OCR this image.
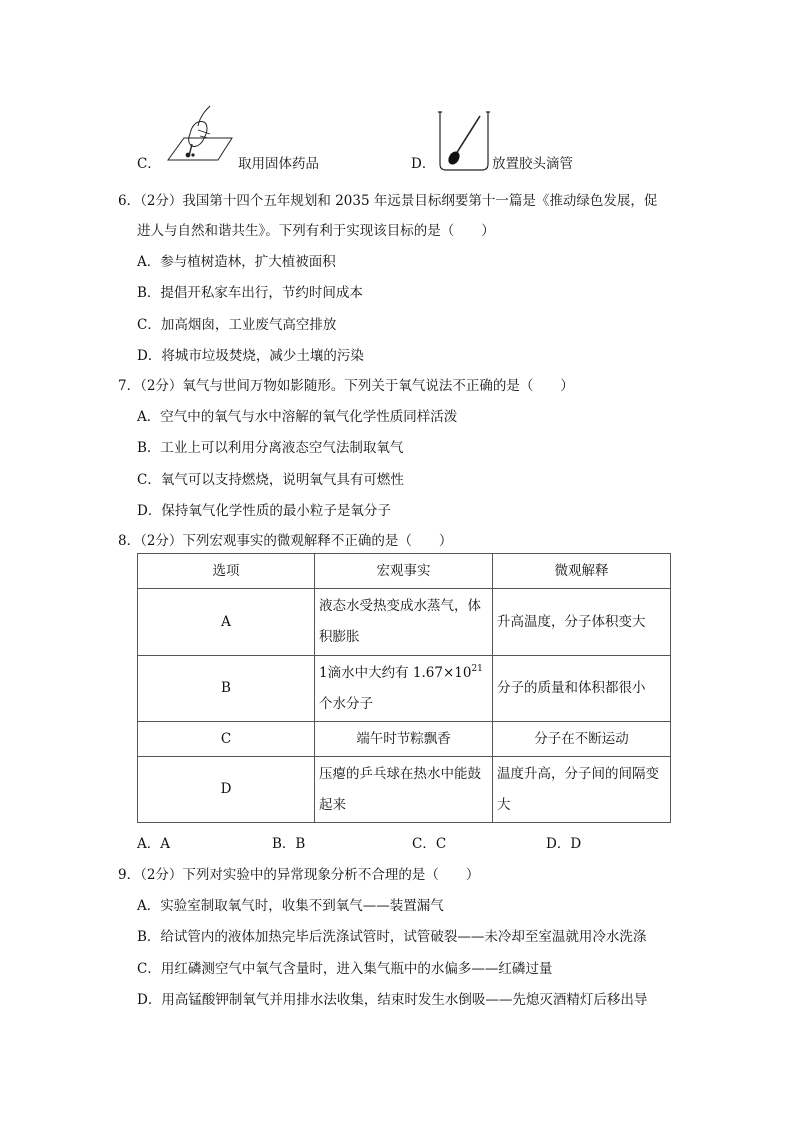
C．	取用固体药品	D．	放置胶头滴管
6．（2分）我国第十四个五年规划和 2035 年远景目标纲要第十一篇是《推动绿色发展，促
进人与自然和谐共生》。下列有利于实现该目标的是（　　）
A．参与植树造林，扩大植被面积
B．提倡开私家车出行，节约时间成本
C．加高烟囱，工业废气高空排放
D．将城市垃圾焚烧，减少土壤的污染
7．（2分）氧气与世间万物如影随形。下列关于氧气说法不正确的是（　　）
A．空气中的氧气与水中溶解的氧气化学性质同样活泼
B．工业上可以利用分离液态空气法制取氧气
C．氧气可以支持燃烧，说明氧气具有可燃性
D．保持氧气化学性质的最小粒子是氧分子
8．（2分）下列宏观事实的微观解释不正确的是（　　）
选项	宏观事实	微观解释
A	液态水受热变成水蒸气，体积膨胀	升高温度，分子体积变大
B	1滴水中大约有 $1.67\times 10^{21}$个水分子	分子的质量和体积都很小
C	端午时节粽飘香	分子在不断运动
D	压瘪的乒乓球在热水中能鼓起来	温度升高，分子间的间隔变大
A．A	B．B	C．C	D．D
9．（2分）下列对实验中的异常现象分析不合理的是（　　）
A．实验室制取氧气时，收集不到氧气——装置漏气
B．给试管内的液体加热完毕后洗涤试管时，试管破裂——未冷却至室温就用冷水洗涤
C．用红磷测空气中氧气含量时，进入集气瓶中的水偏多——红磷过量
D．用高锰酸钾制氧气并用排水法收集，结束时发生水倒吸——先熄灭酒精灯后移出导
